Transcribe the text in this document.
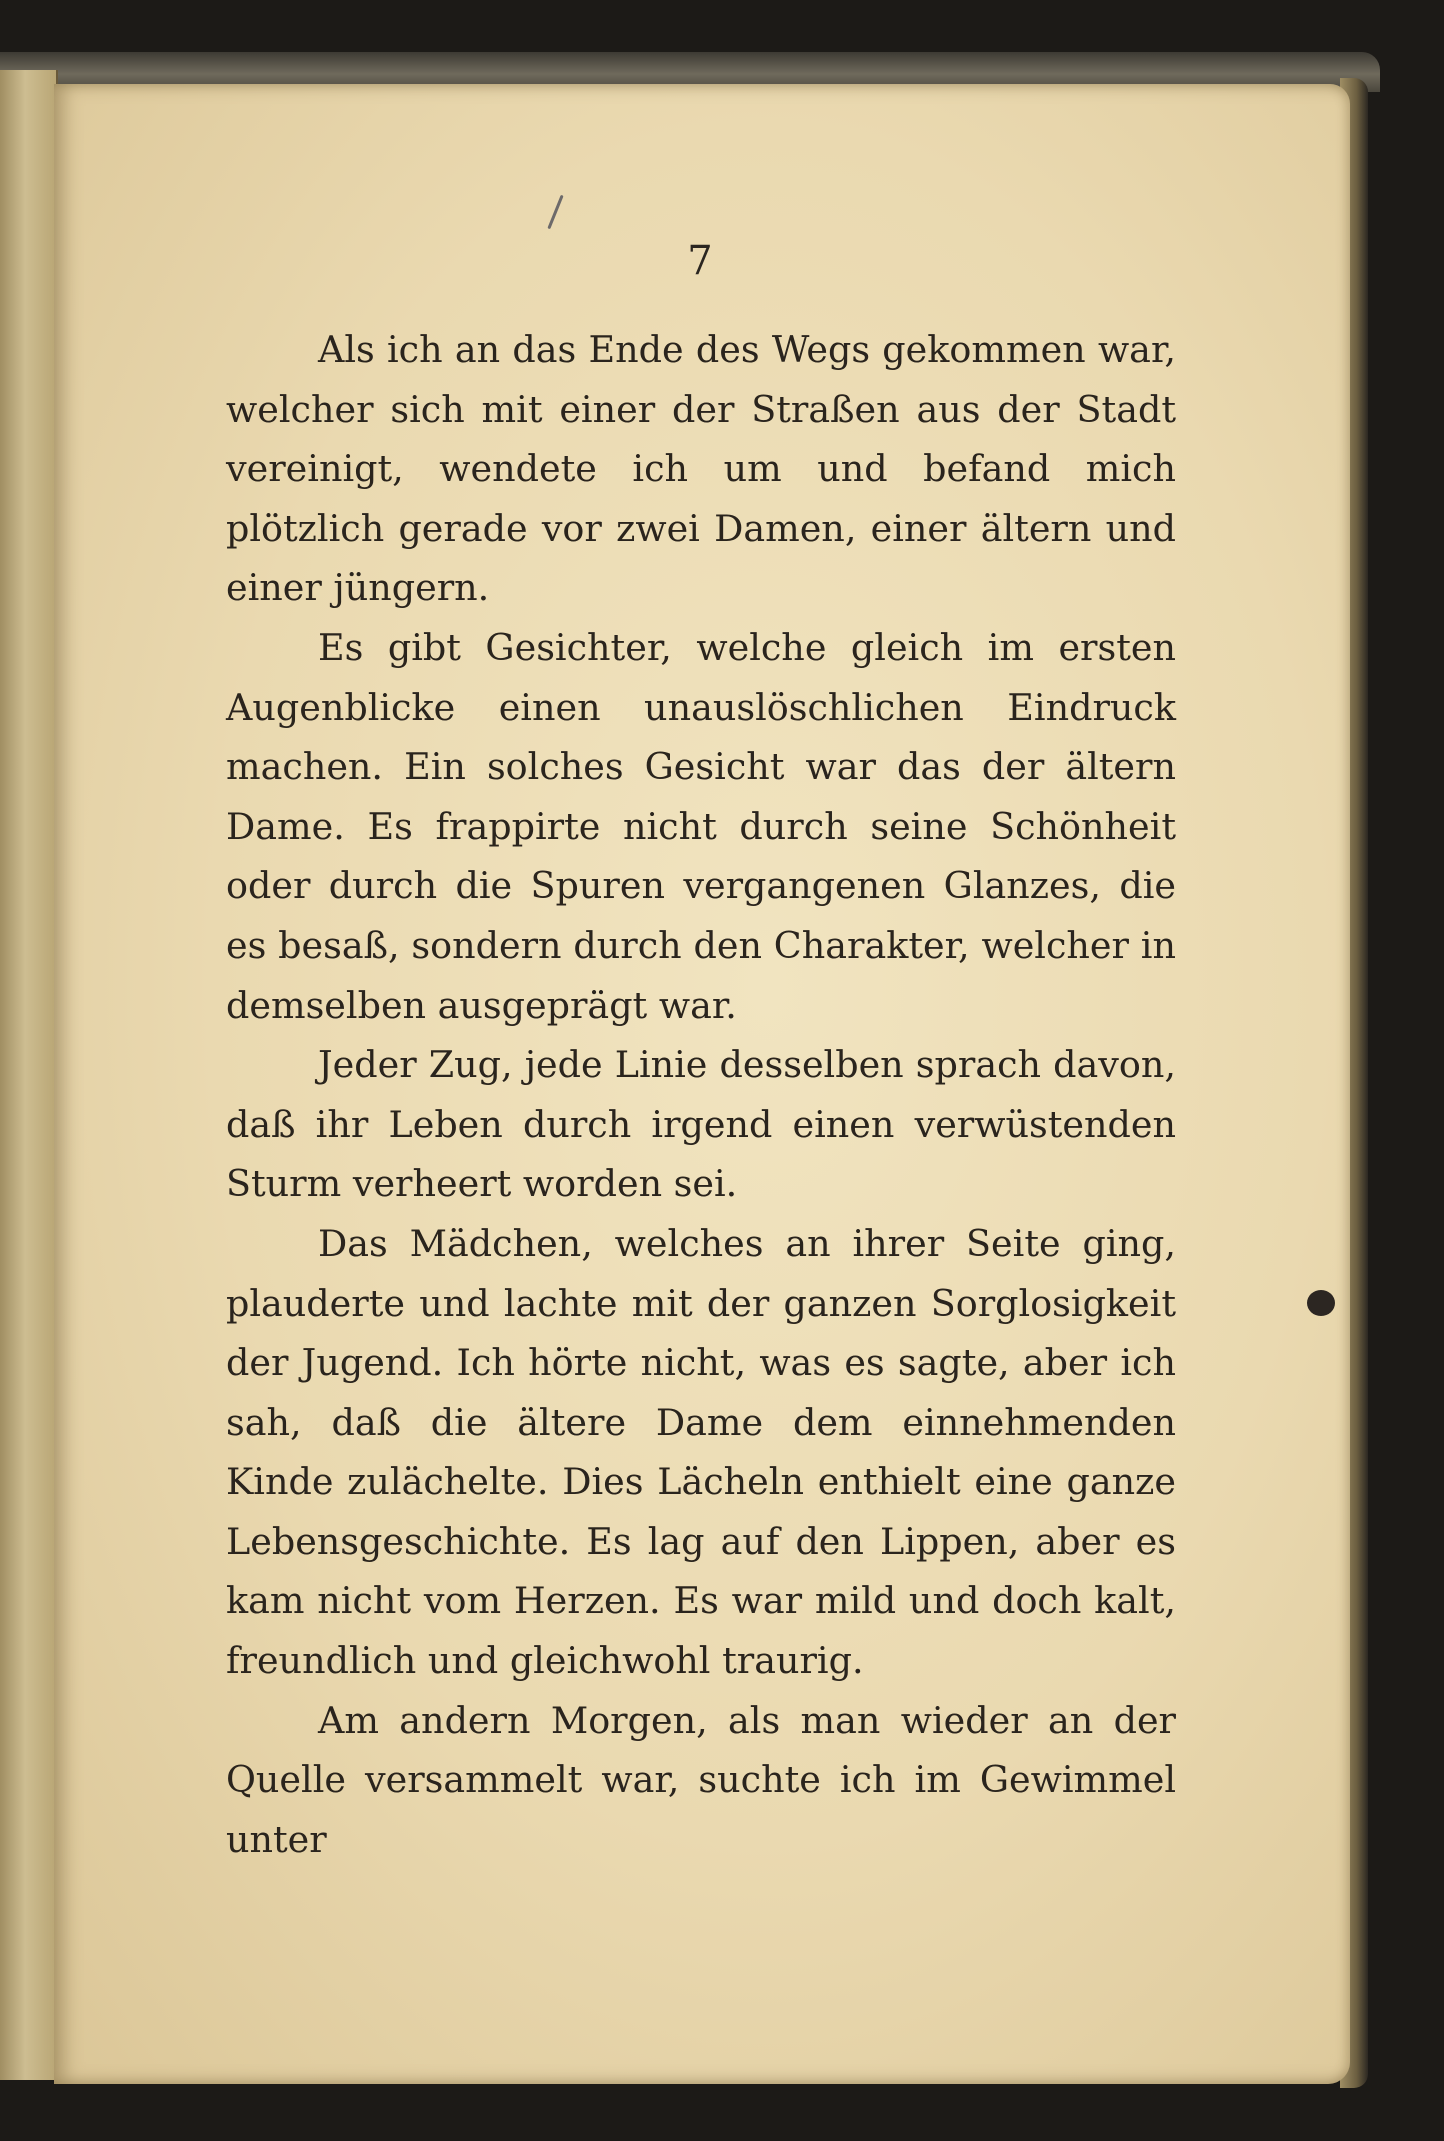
7

Als ich an das Ende des Wegs gekommen war, welcher sich mit einer der Straßen aus der Stadt vereinigt, wendete ich um und befand mich plötzlich gerade vor zwei Damen, einer ältern und einer jüngern.

Es gibt Gesichter, welche gleich im ersten Augenblicke einen unauslöschlichen Eindruck machen. Ein solches Gesicht war das der ältern Dame. Es frappirte nicht durch seine Schönheit oder durch die Spuren vergangenen Glanzes, die es besaß, sondern durch den Charakter, welcher in demselben ausgeprägt war.

Jeder Zug, jede Linie desselben sprach davon, daß ihr Leben durch irgend einen verwüstenden Sturm verheert worden sei.

Das Mädchen, welches an ihrer Seite ging, plauderte und lachte mit der ganzen Sorglosigkeit der Jugend. Ich hörte nicht, was es sagte, aber ich sah, daß die ältere Dame dem einnehmenden Kinde zulächelte. Dies Lächeln enthielt eine ganze Lebensgeschichte. Es lag auf den Lippen, aber es kam nicht vom Herzen. Es war mild und doch kalt, freundlich und gleichwohl traurig.

Am andern Morgen, als man wieder an der Quelle versammelt war, suchte ich im Gewimmel unter
